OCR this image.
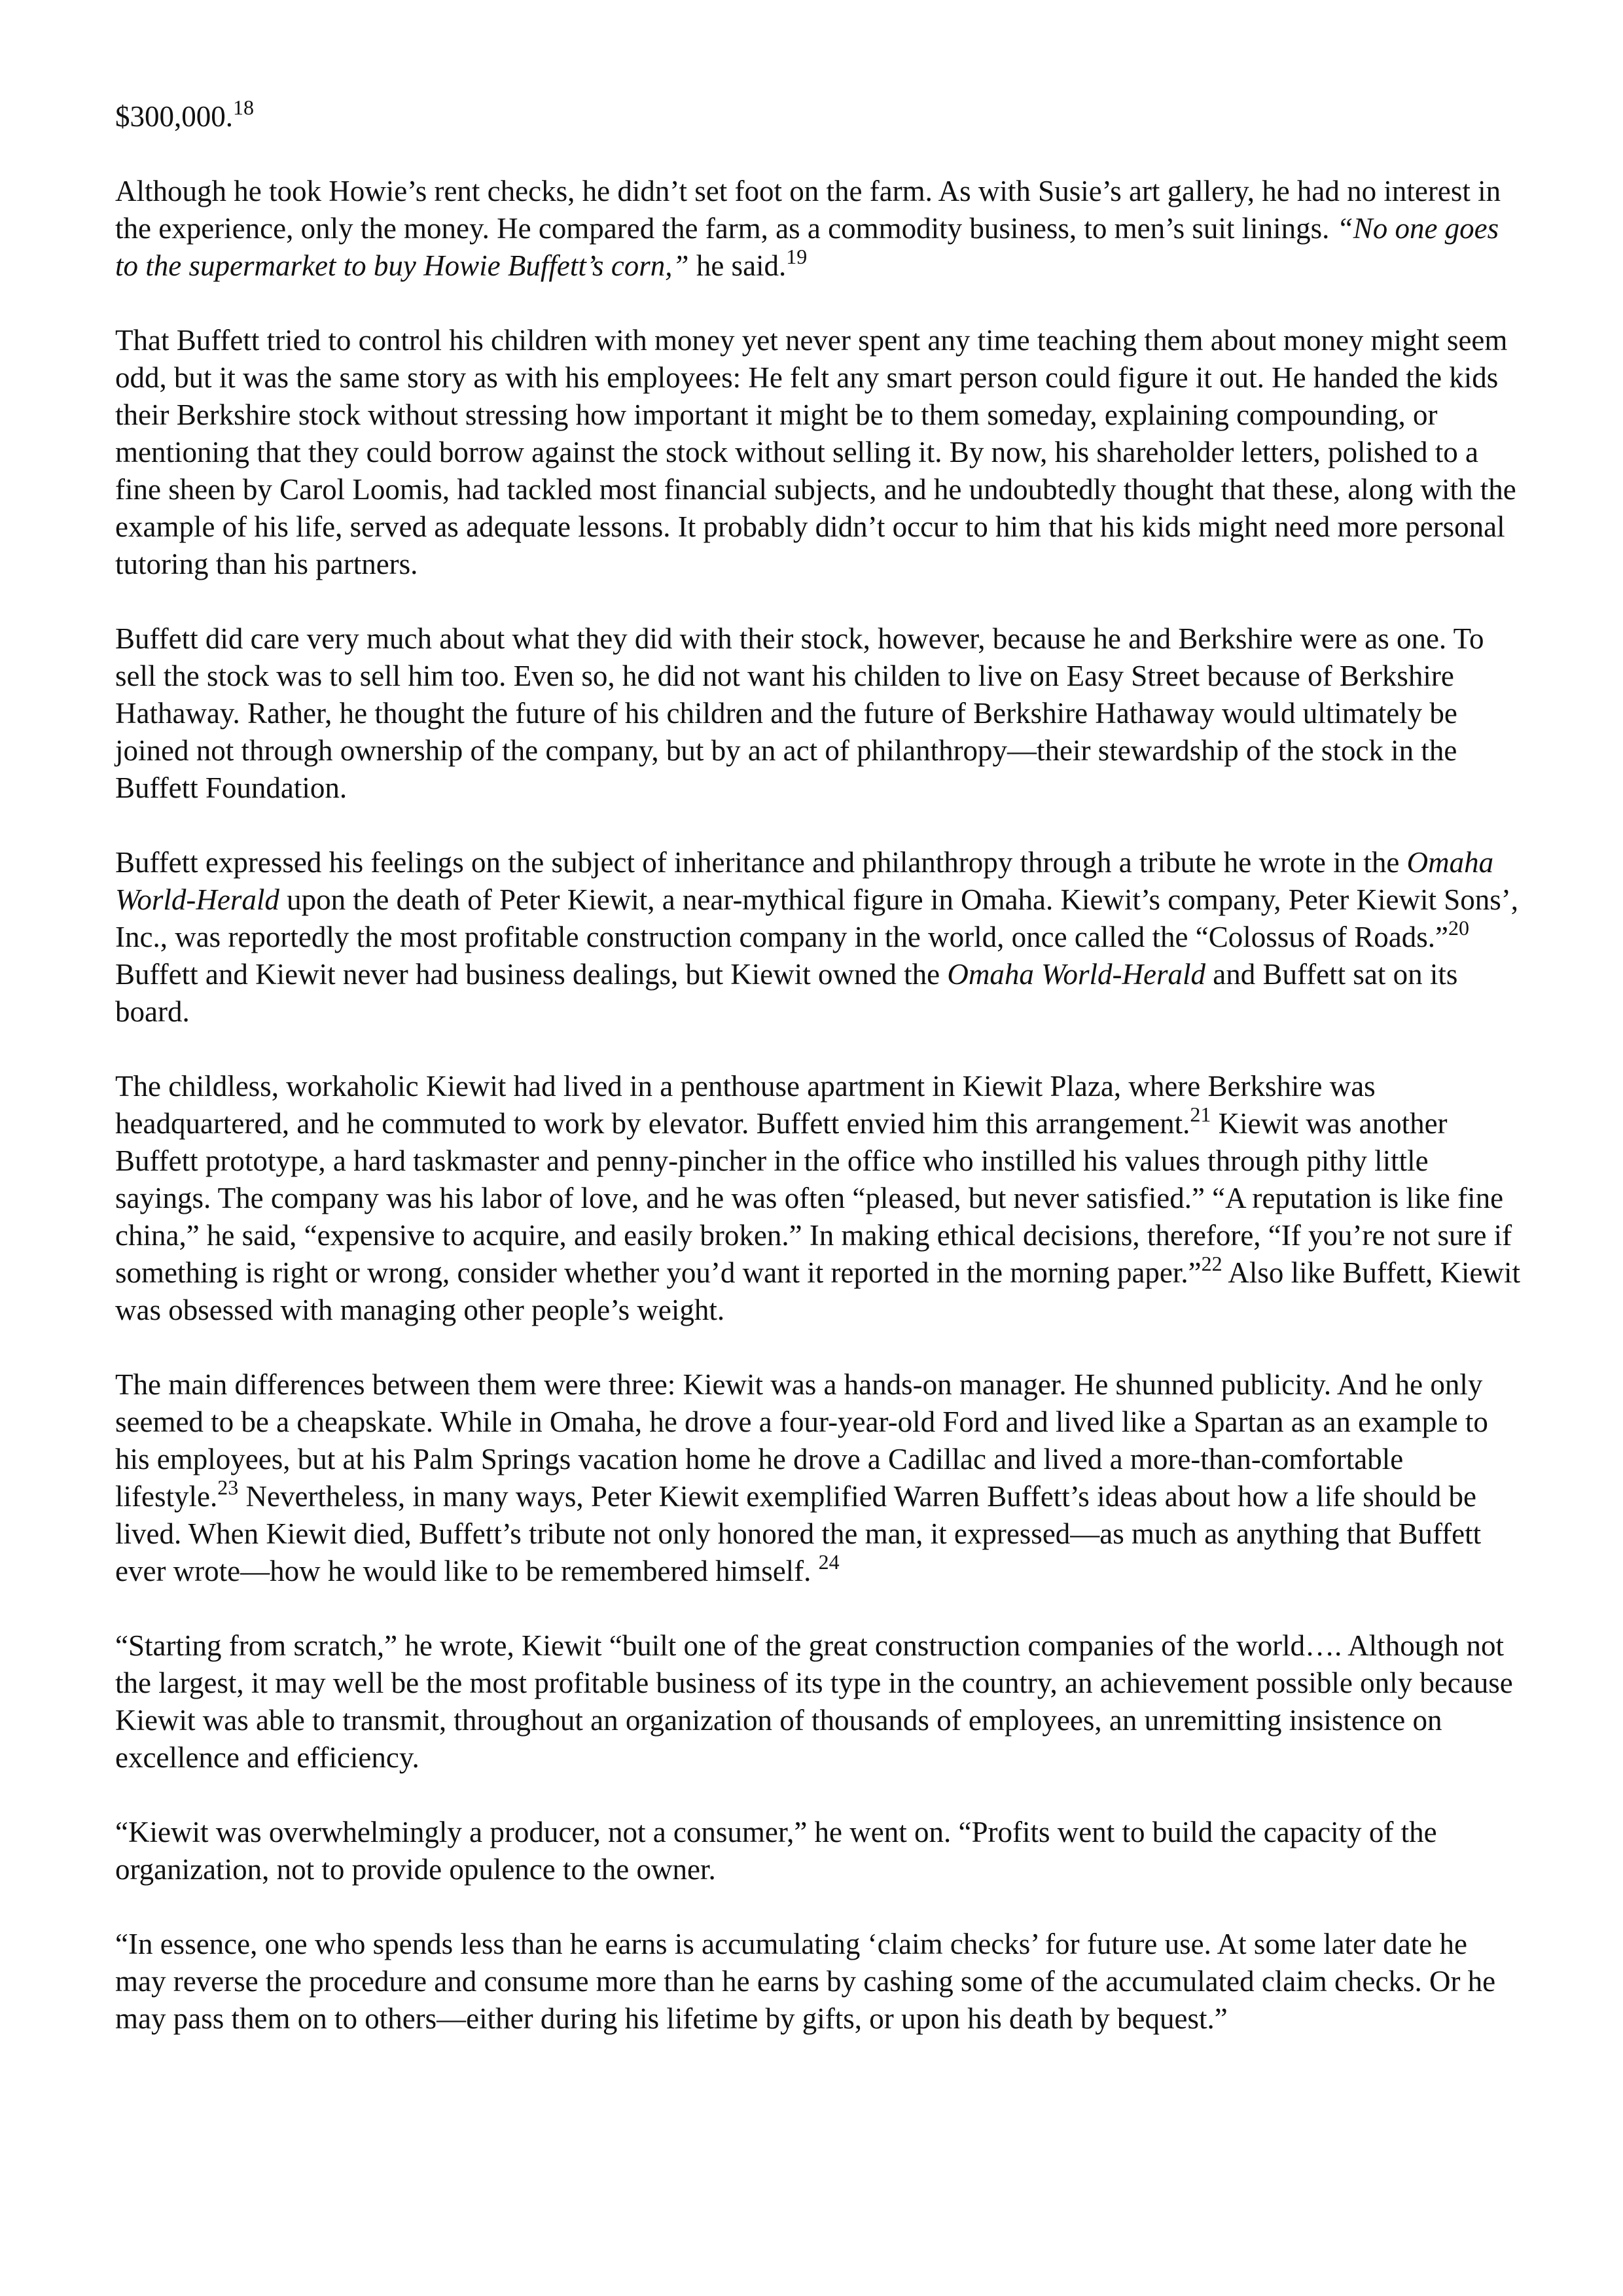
$300,000.18

Although he took Howie’s rent checks, he didn’t set foot on the farm. As with Susie’s art gallery, he had no interest in the experience, only the money. He compared the farm, as a commodity business, to men’s suit linings. “No one goes to the supermarket to buy Howie Buffett’s corn,” he said.$^{19}$

That Buffett tried to control his children with money yet never spent any time teaching them about money might seem odd, but it was the same story as with his employees: He felt any smart person could figure it out. He handed the kids their Berkshire stock without stressing how important it might be to them someday, explaining compounding, or mentioning that they could borrow against the stock without selling it. By now, his shareholder letters, polished to a fine sheen by Carol Loomis, had tackled most financial subjects, and he undoubtedly thought that these, along with the example of his life, served as adequate lessons. It probably didn’t occur to him that his kids might need more personal tutoring than his partners.

Buffett did care very much about what they did with their stock, however, because he and Berkshire were as one. To sell the stock was to sell him too. Even so, he did not want his childen to live on Easy Street because of Berkshire Hathaway. Rather, he thought the future of his children and the future of Berkshire Hathaway would ultimately be joined not through ownership of the company, but by an act of philanthropy—their stewardship of the stock in the Buffett Foundation.

Buffett expressed his feelings on the subject of inheritance and philanthropy through a tribute he wrote in the Omaha World-Herald upon the death of Peter Kiewit, a near-mythical figure in Omaha. Kiewit’s company, Peter Kiewit Sons’, Inc., was reportedly the most profitable construction company in the world, once called the “Colossus of Roads.”$^{20}$ Buffett and Kiewit never had business dealings, but Kiewit owned the Omaha World-Herald and Buffett sat on its board.

The childless, workaholic Kiewit had lived in a penthouse apartment in Kiewit Plaza, where Berkshire was headquartered, and he commuted to work by elevator. Buffett envied him this arrangement.$^{21}$ Kiewit was another Buffett prototype, a hard taskmaster and penny-pincher in the office who instilled his values through pithy little sayings. The company was his labor of love, and he was often “pleased, but never satisfied.” “A reputation is like fine china,” he said, “expensive to acquire, and easily broken.” In making ethical decisions, therefore, “If you’re not sure if something is right or wrong, consider whether you’d want it reported in the morning paper.”$^{22}$ Also like Buffett, Kiewit was obsessed with managing other people’s weight.

The main differences between them were three: Kiewit was a hands-on manager. He shunned publicity. And he only seemed to be a cheapskate. While in Omaha, he drove a four-year-old Ford and lived like a Spartan as an example to his employees, but at his Palm Springs vacation home he drove a Cadillac and lived a more-than-comfortable lifestyle.$^{23}$ Nevertheless, in many ways, Peter Kiewit exemplified Warren Buffett’s ideas about how a life should be lived. When Kiewit died, Buffett’s tribute not only honored the man, it expressed—as much as anything that Buffett ever wrote—how he would like to be remembered himself. $^{24}$

“Starting from scratch,” he wrote, Kiewit “built one of the great construction companies of the world…. Although not the largest, it may well be the most profitable business of its type in the country, an achievement possible only because Kiewit was able to transmit, throughout an organization of thousands of employees, an unremitting insistence on excellence and efficiency.

“Kiewit was overwhelmingly a producer, not a consumer,” he went on. “Profits went to build the capacity of the organization, not to provide opulence to the owner.

“In essence, one who spends less than he earns is accumulating ‘claim checks’ for future use. At some later date he may reverse the procedure and consume more than he earns by cashing some of the accumulated claim checks. Or he may pass them on to others—either during his lifetime by gifts, or upon his death by bequest.”
